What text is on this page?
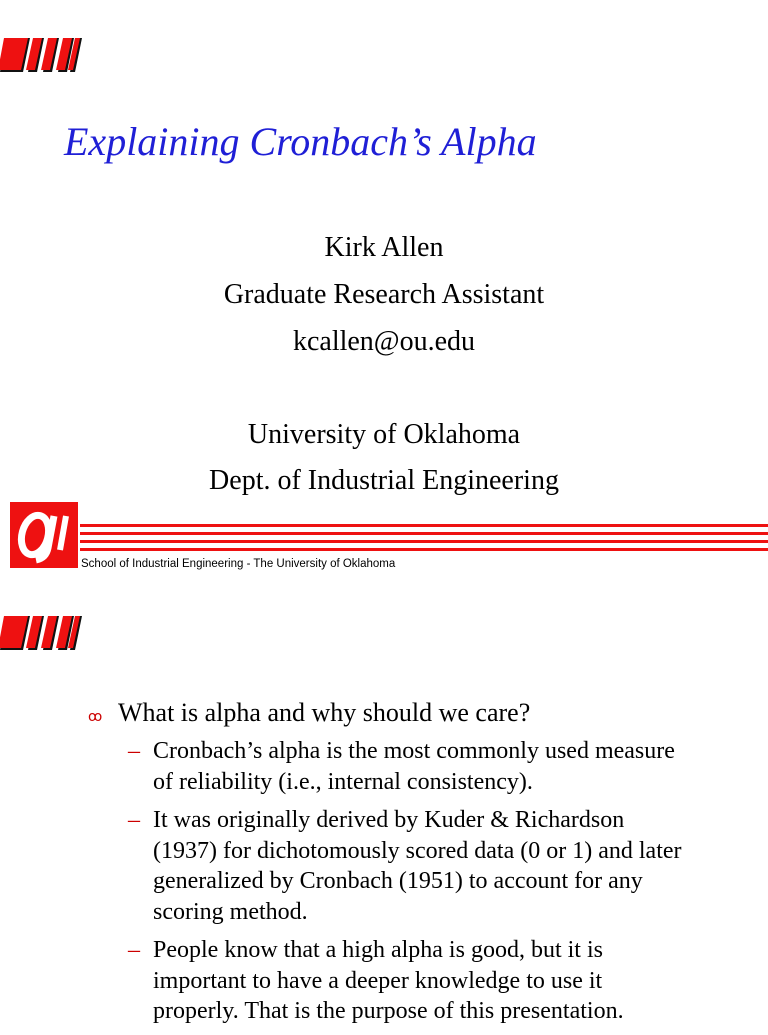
Explaining Cronbach’s Alpha
Kirk Allen
Graduate Research Assistant
kcallen@ou.edu
University of Oklahoma
Dept. of Industrial Engineering
School of Industrial Engineering - The University of Oklahoma
ꝏ What is alpha and why should we care?
– Cronbach’s alpha is the most commonly used measure
of reliability (i.e., internal consistency).
– It was originally derived by Kuder & Richardson
(1937) for dichotomously scored data (0 or 1) and later
generalized by Cronbach (1951) to account for any
scoring method.
– People know that a high alpha is good, but it is
important to have a deeper knowledge to use it
properly. That is the purpose of this presentation.
